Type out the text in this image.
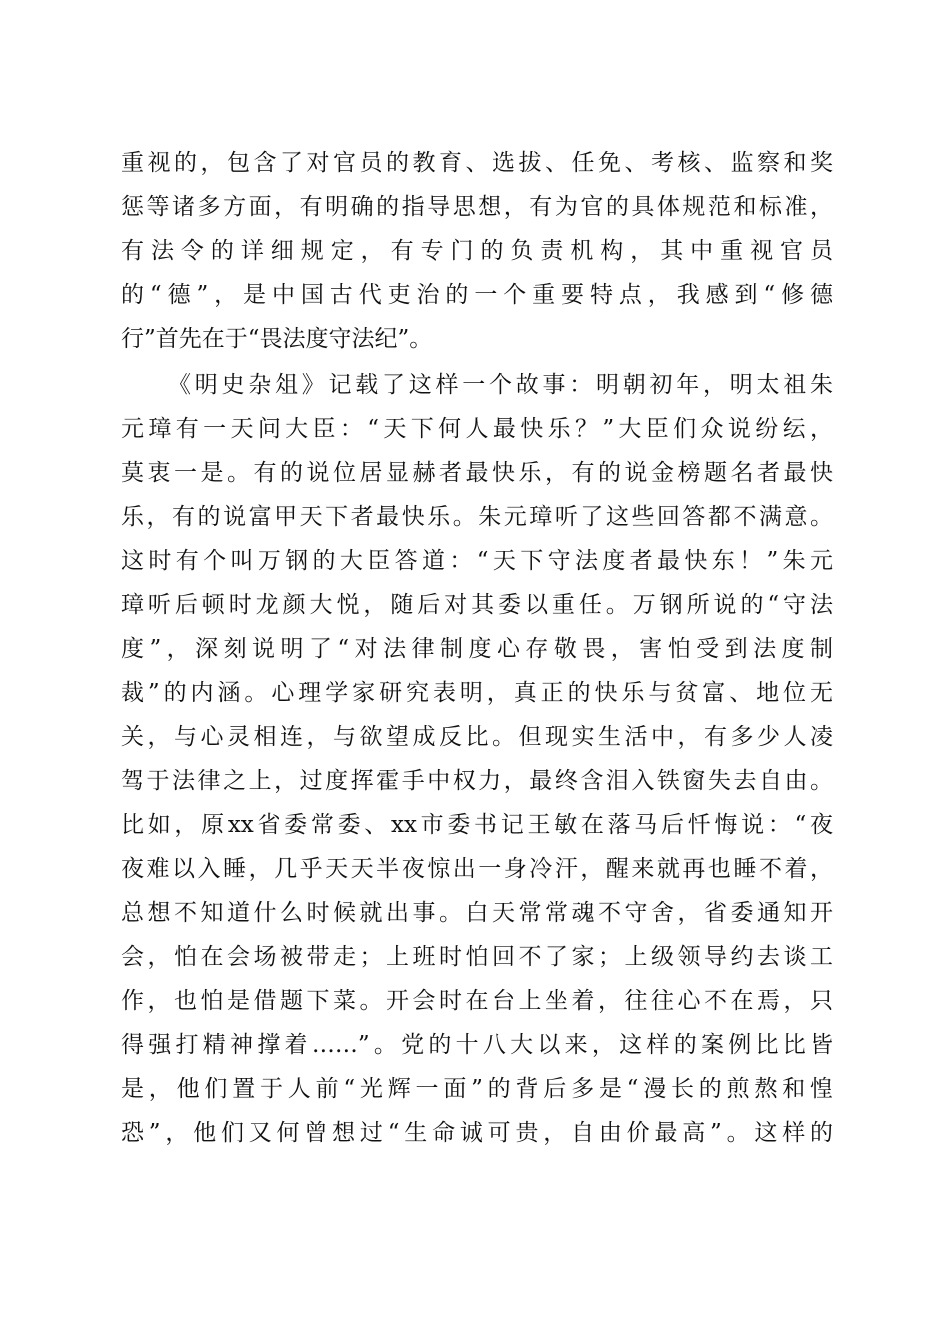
重视的，包含了对官员的教育、选拔、任免、考核、监察和奖
惩等诸多方面，有明确的指导思想，有为官的具体规范和标准，
有法令的详细规定，有专门的负责机构，其中重视官员
的“德”，是中国古代吏治的一个重要特点，我感到“修德
行”首先在于“畏法度守法纪”。
《明史杂俎》记载了这样一个故事：明朝初年，明太祖朱
元璋有一天问大臣：“天下何人最快乐？”大臣们众说纷纭，
莫衷一是。有的说位居显赫者最快乐，有的说金榜题名者最快
乐，有的说富甲天下者最快乐。朱元璋听了这些回答都不满意。
这时有个叫万钢的大臣答道：“天下守法度者最快东！”朱元
璋听后顿时龙颜大悦，随后对其委以重任。万钢所说的“守法
度”，深刻说明了“对法律制度心存敬畏，害怕受到法度制
裁”的内涵。心理学家研究表明，真正的快乐与贫富、地位无
关，与心灵相连，与欲望成反比。但现实生活中，有多少人凌
驾于法律之上，过度挥霍手中权力，最终含泪入铁窗失去自由。
比如，原xx省委常委、xx市委书记王敏在落马后忏悔说：“夜
夜难以入睡，几乎天天半夜惊出一身冷汗，醒来就再也睡不着，
总想不知道什么时候就出事。白天常常魂不守舍，省委通知开
会，怕在会场被带走；上班时怕回不了家；上级领导约去谈工
作，也怕是借题下菜。开会时在台上坐着，往往心不在焉，只
得强打精神撑着……”。党的十八大以来，这样的案例比比皆
是，他们置于人前“光辉一面”的背后多是“漫长的煎熬和惶
恐”，他们又何曾想过“生命诚可贵，自由价最高”。这样的
